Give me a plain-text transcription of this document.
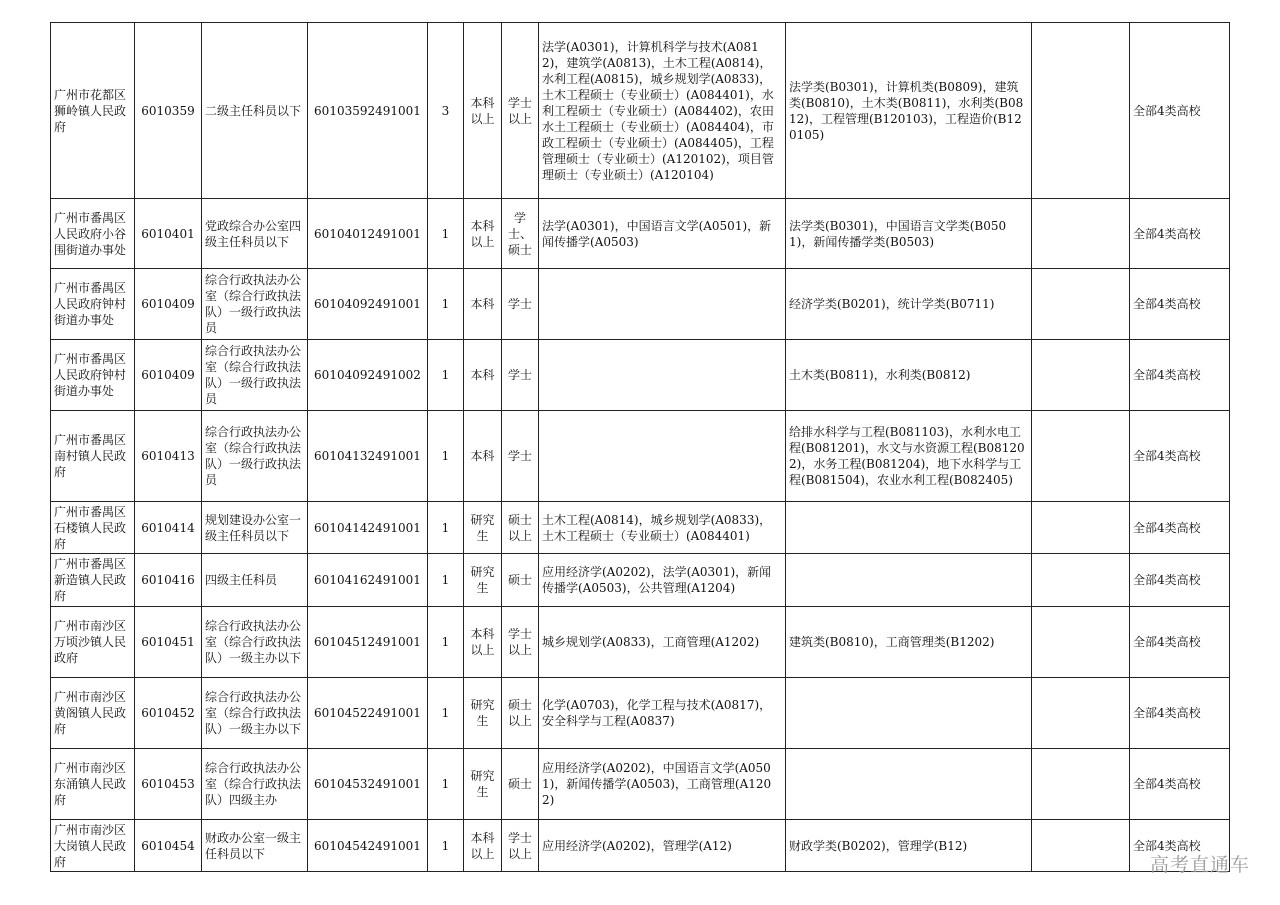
广州市花都区狮岭镇人民政府	6010359	二级主任科员以下	60103592491001	3	本科以上	学士以上	法学(A0301)，计算机科学与技术(A0812)，建筑学(A0813)，土木工程(A0814)，水利工程(A0815)，城乡规划学(A0833)，土木工程硕士（专业硕士）(A084401)，水利工程硕士（专业硕士）(A084402)，农田水土工程硕士（专业硕士）(A084404)，市政工程硕士（专业硕士）(A084405)，工程管理硕士（专业硕士）(A120102)，项目管理硕士（专业硕士）(A120104)	法学类(B0301)，计算机类(B0809)，建筑类(B0810)，土木类(B0811)，水利类(B0812)，工程管理(B120103)，工程造价(B120105)		全部4类高校
广州市番禺区人民政府小谷围街道办事处	6010401	党政综合办公室四级主任科员以下	60104012491001	1	本科以上	学士、硕士	法学(A0301)，中国语言文学(A0501)，新闻传播学(A0503)	法学类(B0301)，中国语言文学类(B0501)，新闻传播学类(B0503)		全部4类高校
广州市番禺区人民政府钟村街道办事处	6010409	综合行政执法办公室（综合行政执法队）一级行政执法员	60104092491001	1	本科	学士		经济学类(B0201)，统计学类(B0711)		全部4类高校
广州市番禺区人民政府钟村街道办事处	6010409	综合行政执法办公室（综合行政执法队）一级行政执法员	60104092491002	1	本科	学士		土木类(B0811)，水利类(B0812)		全部4类高校
广州市番禺区南村镇人民政府	6010413	综合行政执法办公室（综合行政执法队）一级行政执法员	60104132491001	1	本科	学士		给排水科学与工程(B081103)，水利水电工程(B081201)，水文与水资源工程(B081202)，水务工程(B081204)，地下水科学与工程(B081504)，农业水利工程(B082405)		全部4类高校
广州市番禺区石楼镇人民政府	6010414	规划建设办公室一级主任科员以下	60104142491001	1	研究生	硕士以上	土木工程(A0814)，城乡规划学(A0833)，土木工程硕士（专业硕士）(A084401)			全部4类高校
广州市番禺区新造镇人民政府	6010416	四级主任科员	60104162491001	1	研究生	硕士	应用经济学(A0202)，法学(A0301)，新闻传播学(A0503)，公共管理(A1204)			全部4类高校
广州市南沙区万顷沙镇人民政府	6010451	综合行政执法办公室（综合行政执法队）一级主办以下	60104512491001	1	本科以上	学士以上	城乡规划学(A0833)，工商管理(A1202)	建筑类(B0810)，工商管理类(B1202)		全部4类高校
广州市南沙区黄阁镇人民政府	6010452	综合行政执法办公室（综合行政执法队）一级主办以下	60104522491001	1	研究生	硕士以上	化学(A0703)，化学工程与技术(A0817)，安全科学与工程(A0837)			全部4类高校
广州市南沙区东涌镇人民政府	6010453	综合行政执法办公室（综合行政执法队）四级主办	60104532491001	1	研究生	硕士	应用经济学(A0202)，中国语言文学(A0501)，新闻传播学(A0503)，工商管理(A1202)			全部4类高校
广州市南沙区大岗镇人民政府	6010454	财政办公室一级主任科员以下	60104542491001	1	本科以上	学士以上	应用经济学(A0202)，管理学(A12)	财政学类(B0202)，管理学(B12)		全部4类高校
高考直通车
